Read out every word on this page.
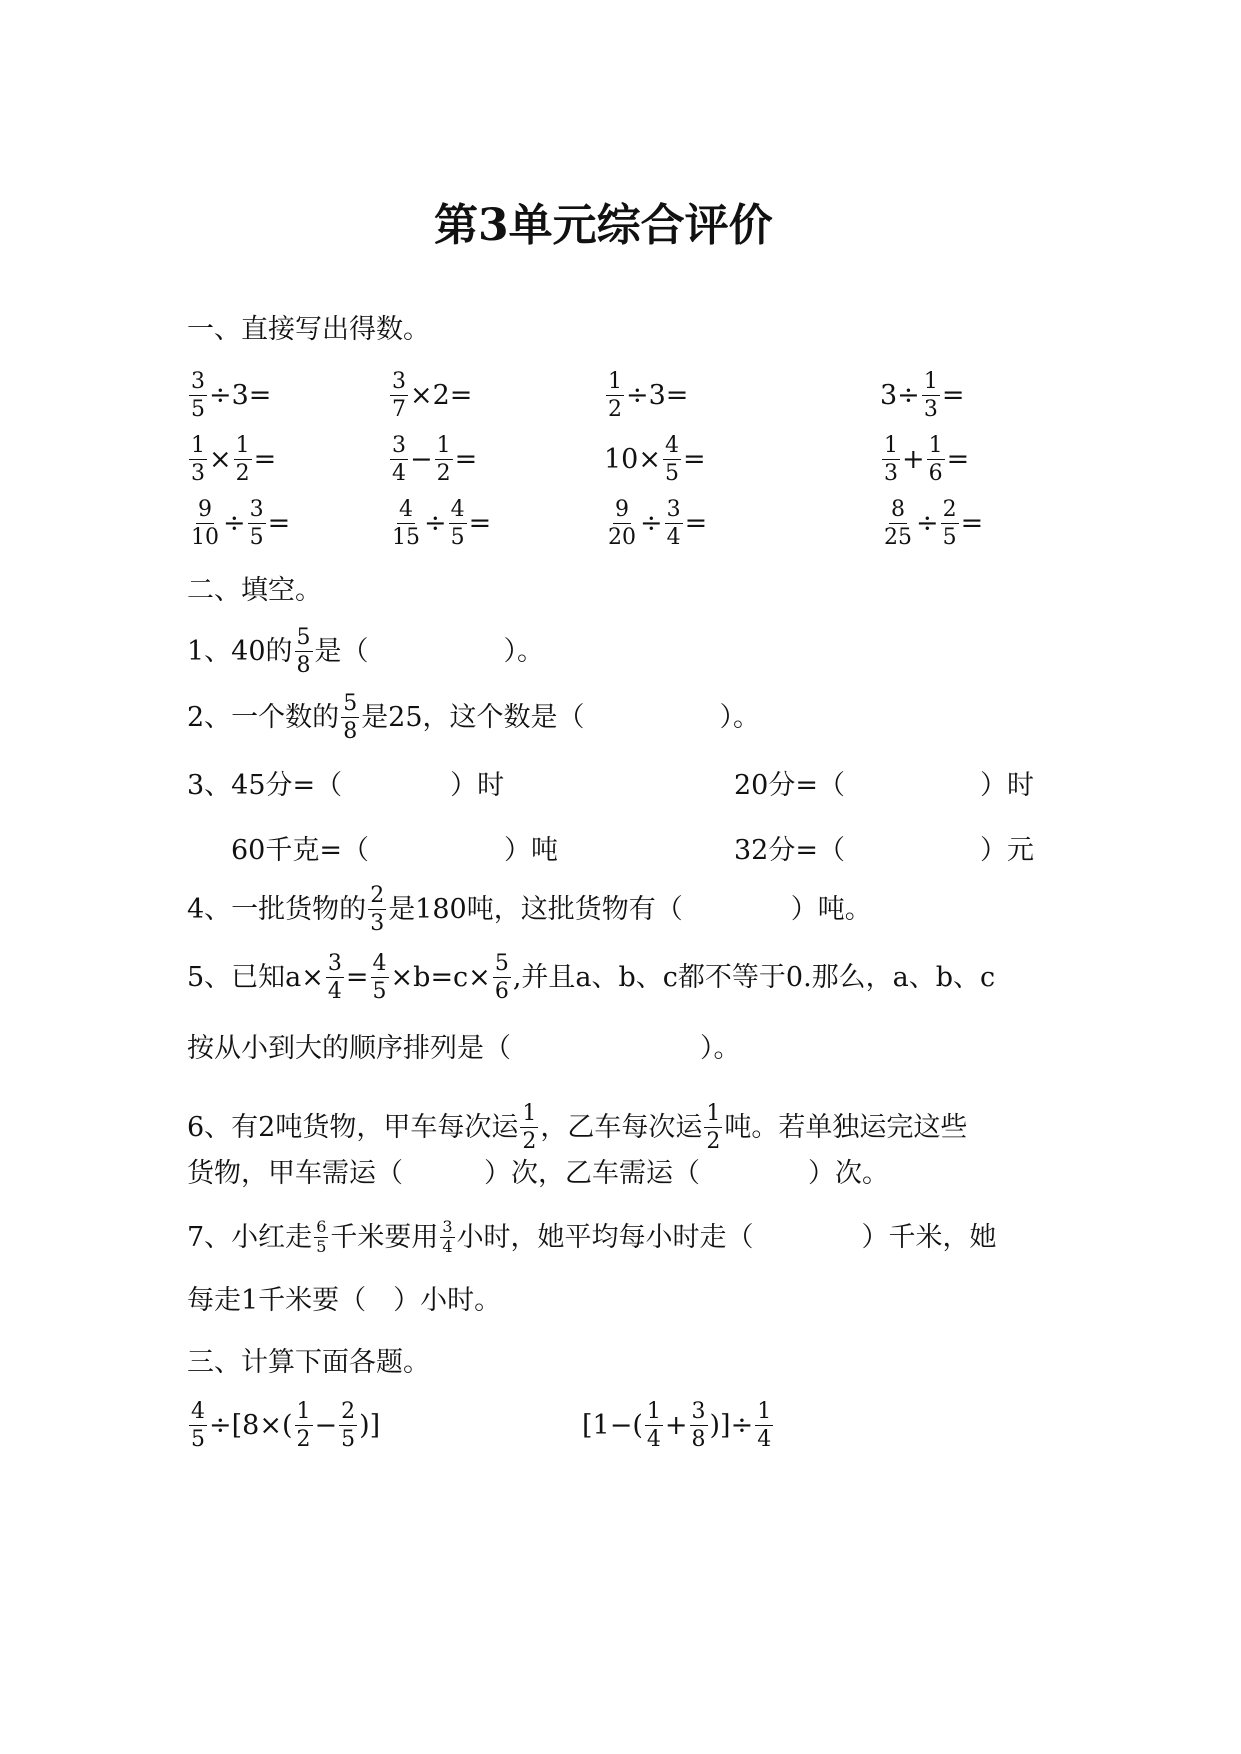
第3单元综合评价
一、直接写出得数。
$\frac{3}{5} \div 3=$	$\frac{3}{7} \times 2=$	$\frac{1}{2} \div 3=$	$3\div \frac{1}{3}$ =
$\frac{1}{3} \times \frac{1}{2}$ =	$\frac{3}{4} - \frac{1}{2}$ =	$10\times \frac{4}{5}$ =	$\frac{1}{3} + \frac{1}{6}$ =
$\frac{9}{10} \div \frac{3}{5}$ =	$\frac{4}{15} \div \frac{4}{5}$ =	$\frac{9}{20} \div \frac{3}{4}$ =	$\frac{8}{25} \div \frac{2}{5}$ =
二、填空。
1、40的 $\frac{5}{8}$ 是（　　　　　）。
2、一个数的 $\frac{5}{8}$ 是25，这个数是（　　　　　）。
3、45分=（　　　　）时	20分=（　　　　　）时
60千克=（　　　　　）吨	32分=（　　　　　）元
4、一批货物的 $\frac{2}{3}$ 是180吨，这批货物有（　　　　）吨。
5、已知$a\times \frac{3}{4} = \frac{4}{5} \times b=c\times \frac{5}{6}$ ,并且a、b、c都不等于0.那么，a、b、c
按从小到大的顺序排列是（　　　　　　　）。
6、有2吨货物，甲车每次运 $\frac{1}{2}$ ，乙车每次运 $\frac{1}{2}$ 吨。若单独运完这些
货物，甲车需运（　　　）次，乙车需运（　　　　）次。
7、小红走 $\frac{6}{5}$ 千米要用 $\frac{3}{4}$ 小时，她平均每小时走（　　　　）千米，她
每走1千米要（　）小时。
三、计算下面各题。
$\frac{4}{5} \div[8\times( \frac{1}{2} - \frac{2}{5}$ )]	[$1-( \frac{1}{4} + \frac{3}{8}$ )]÷ $\frac{1}{4}$
